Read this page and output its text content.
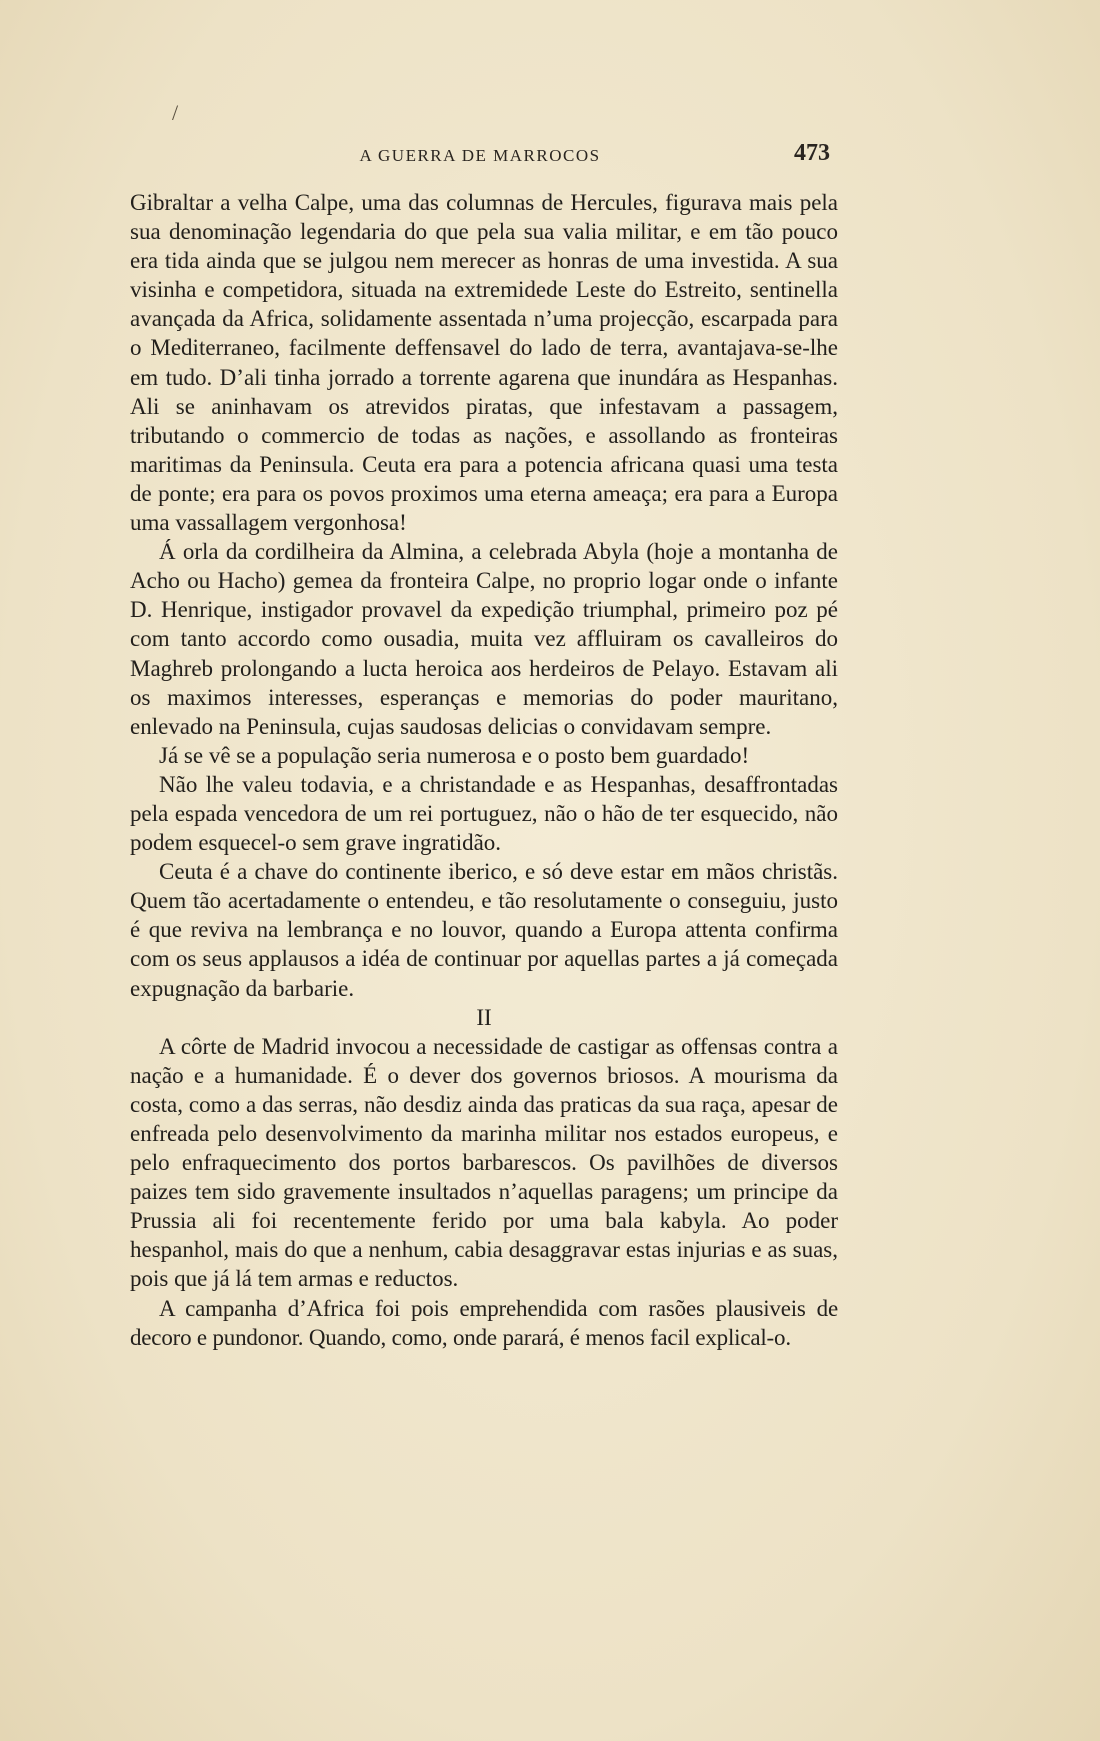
/
A GUERRA DE MARROCOS	473

Gibraltar a velha Calpe, uma das columnas de Hercules, figurava mais pela sua denominação legendaria do que pela sua valia militar, e em tão pouco era tida ainda que se julgou nem merecer as honras de uma investida. A sua visinha e competidora, situada na extremidede Leste do Estreito, sentinella avançada da Africa, solidamente assentada n’uma projecção, escarpada para o Mediterraneo, facilmente deffensavel do lado de terra, avantajava-se-lhe em tudo. D’ali tinha jorrado a torrente agarena que inundára as Hespanhas. Ali se aninhavam os atrevidos piratas, que infestavam a passagem, tributando o commercio de todas as nações, e assollando as fronteiras maritimas da Peninsula. Ceuta era para a potencia africana quasi uma testa de ponte; era para os povos proximos uma eterna ameaça; era para a Europa uma vassallagem vergonhosa!

Á orla da cordilheira da Almina, a celebrada Abyla (hoje a montanha de Acho ou Hacho) gemea da fronteira Calpe, no proprio logar onde o infante D. Henrique, instigador provavel da expedição triumphal, primeiro poz pé com tanto accordo como ousadia, muita vez affluiram os cavalleiros do Maghreb prolongando a lucta heroica aos herdeiros de Pelayo. Estavam ali os maximos interesses, esperanças e memorias do poder mauritano, enlevado na Peninsula, cujas saudosas delicias o convidavam sempre.

Já se vê se a população seria numerosa e o posto bem guardado!

Não lhe valeu todavia, e a christandade e as Hespanhas, desaffrontadas pela espada vencedora de um rei portuguez, não o hão de ter esquecido, não podem esquecel-o sem grave ingratidão.

Ceuta é a chave do continente iberico, e só deve estar em mãos christãs. Quem tão acertadamente o entendeu, e tão resolutamente o conseguiu, justo é que reviva na lembrança e no louvor, quando a Europa attenta confirma com os seus applausos a idéa de continuar por aquellas partes a já começada expugnação da barbarie.

II

A côrte de Madrid invocou a necessidade de castigar as offensas contra a nação e a humanidade. É o dever dos governos briosos. A mourisma da costa, como a das serras, não desdiz ainda das praticas da sua raça, apesar de enfreada pelo desenvolvimento da marinha militar nos estados europeus, e pelo enfraquecimento dos portos barbarescos. Os pavilhões de diversos paizes tem sido gravemente insultados n’aquellas paragens; um principe da Prussia ali foi recentemente ferido por uma bala kabyla. Ao poder hespanhol, mais do que a nenhum, cabia desaggravar estas injurias e as suas, pois que já lá tem armas e reductos.

A campanha d’Africa foi pois emprehendida com rasões plausiveis de decoro e pundonor. Quando, como, onde parará, é menos facil explical-o.
